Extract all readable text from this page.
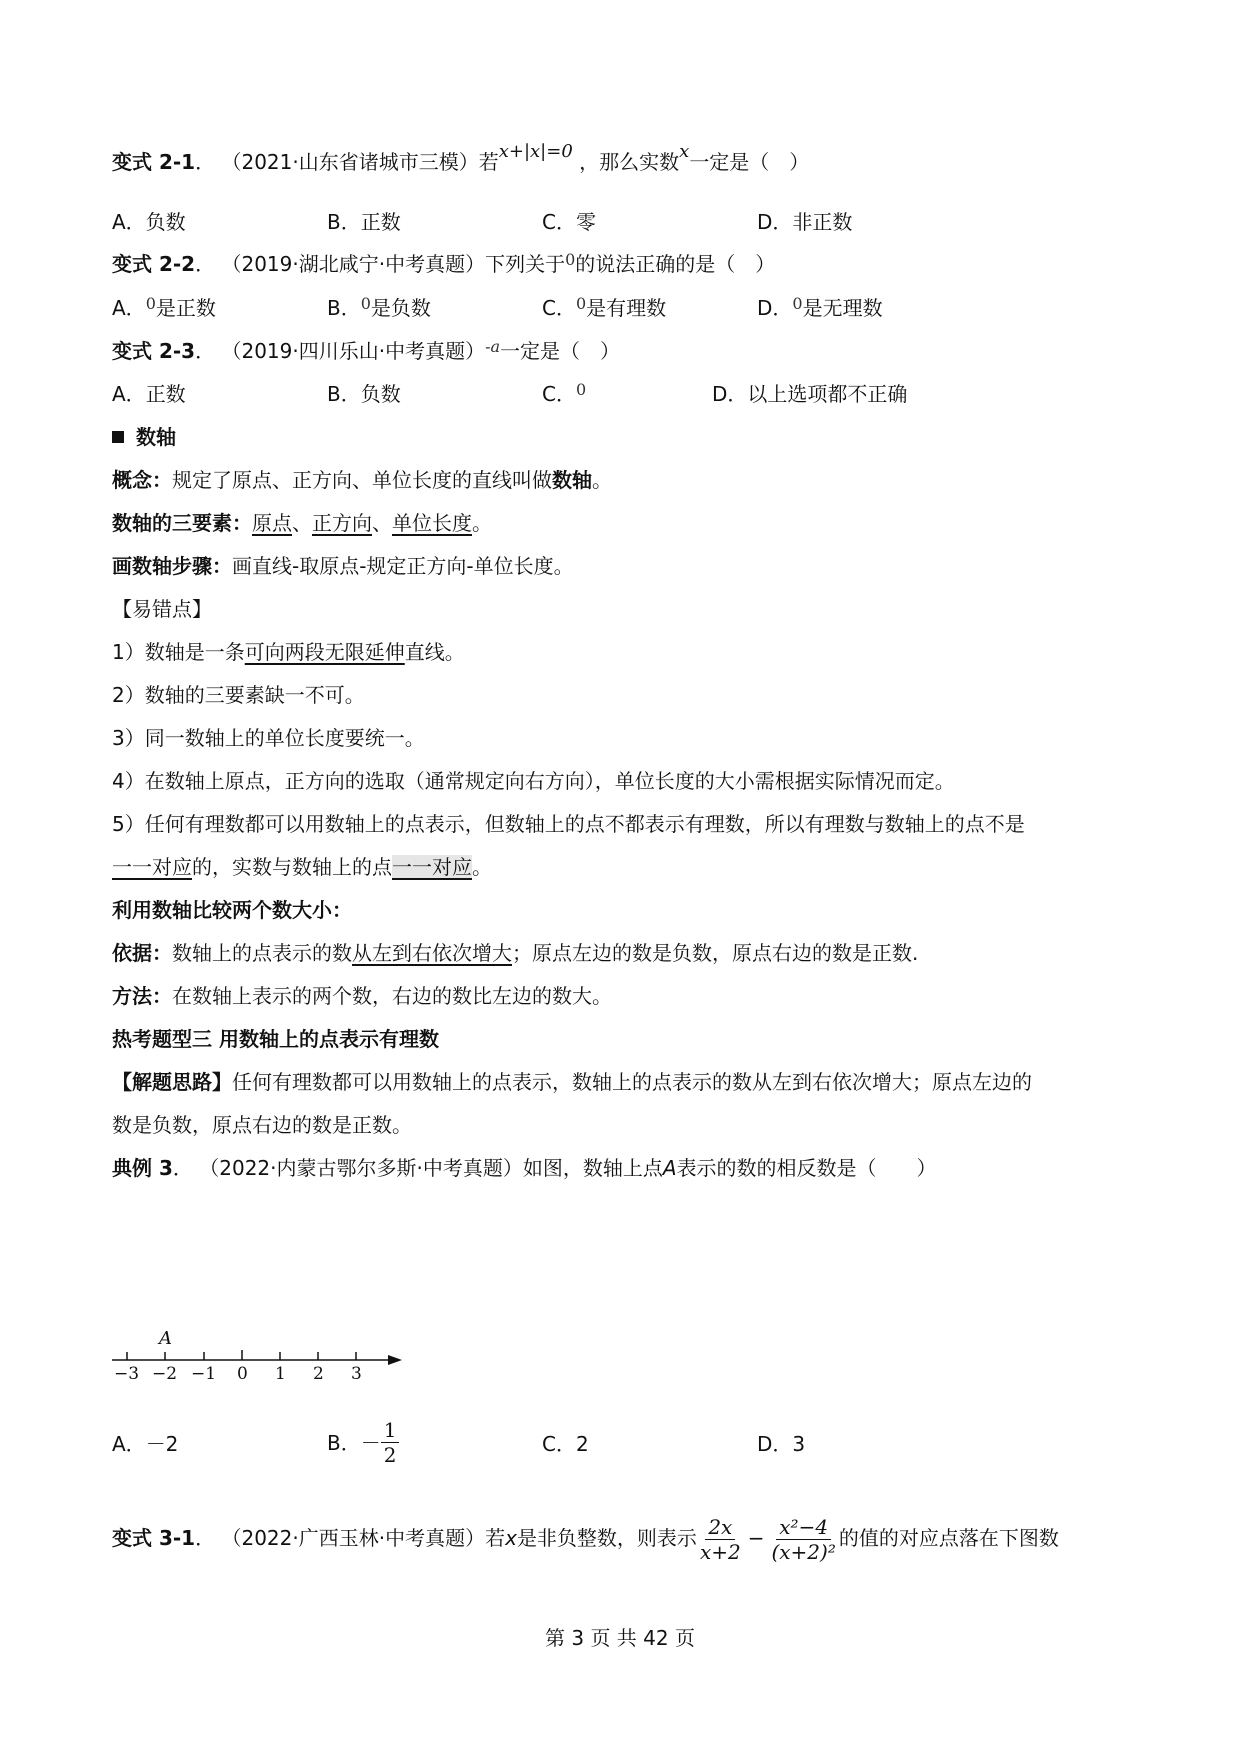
变式 2-1． （2021·山东省诸城市三模）若x+|x|=0 ，那么实数x一定是（　）
A．负数	B．正数	C．零	D．非正数
变式 2-2． （2019·湖北咸宁·中考真题）下列关于$^0$的说法正确的是（　）
A．$^0$是正数	B．$^0$是负数	C．$^0$是有理数	D．$^0$是无理数
变式 2-3． （2019·四川乐山·中考真题）$^{-a}$一定是（　）
A．正数	B．负数	C．$^0$	D．以上选项都不正确
数轴
概念：规定了原点、正方向、单位长度的直线叫做数轴。
数轴的三要素：原点、正方向、单位长度。
画数轴步骤：画直线-取原点-规定正方向-单位长度。
【易错点】
1）数轴是一条可向两段无限延伸直线。
2）数轴的三要素缺一不可。
3）同一数轴上的单位长度要统一。
4）在数轴上原点，正方向的选取（通常规定向右方向），单位长度的大小需根据实际情况而定。
5）任何有理数都可以用数轴上的点表示，但数轴上的点不都表示有理数，所以有理数与数轴上的点不是
一一对应的，实数与数轴上的点一一对应。
利用数轴比较两个数大小：
依据：数轴上的点表示的数从左到右依次增大；原点左边的数是负数，原点右边的数是正数.
方法：在数轴上表示的两个数，右边的数比左边的数大。
热考题型三 用数轴上的点表示有理数
【解题思路】任何有理数都可以用数轴上的点表示，数轴上的点表示的数从左到右依次增大；原点左边的
数是负数，原点右边的数是正数。
典例 3． （2022·内蒙古鄂尔多斯·中考真题）如图，数轴上点A表示的数的相反数是（　　）
A
−3 −2 −1 0 1 2 3
A．－2	B．－ $\frac{1}{2}$	C．2	D．3
变式 3-1． （2022·广西玉林·中考真题）若x是非负整数，则表示 $\frac{2x}{x+2} - \frac{\text{x²−4}}{\text{(x+2)²}}$ 的值的对应点落在下图数
第 3 页 共 42 页
